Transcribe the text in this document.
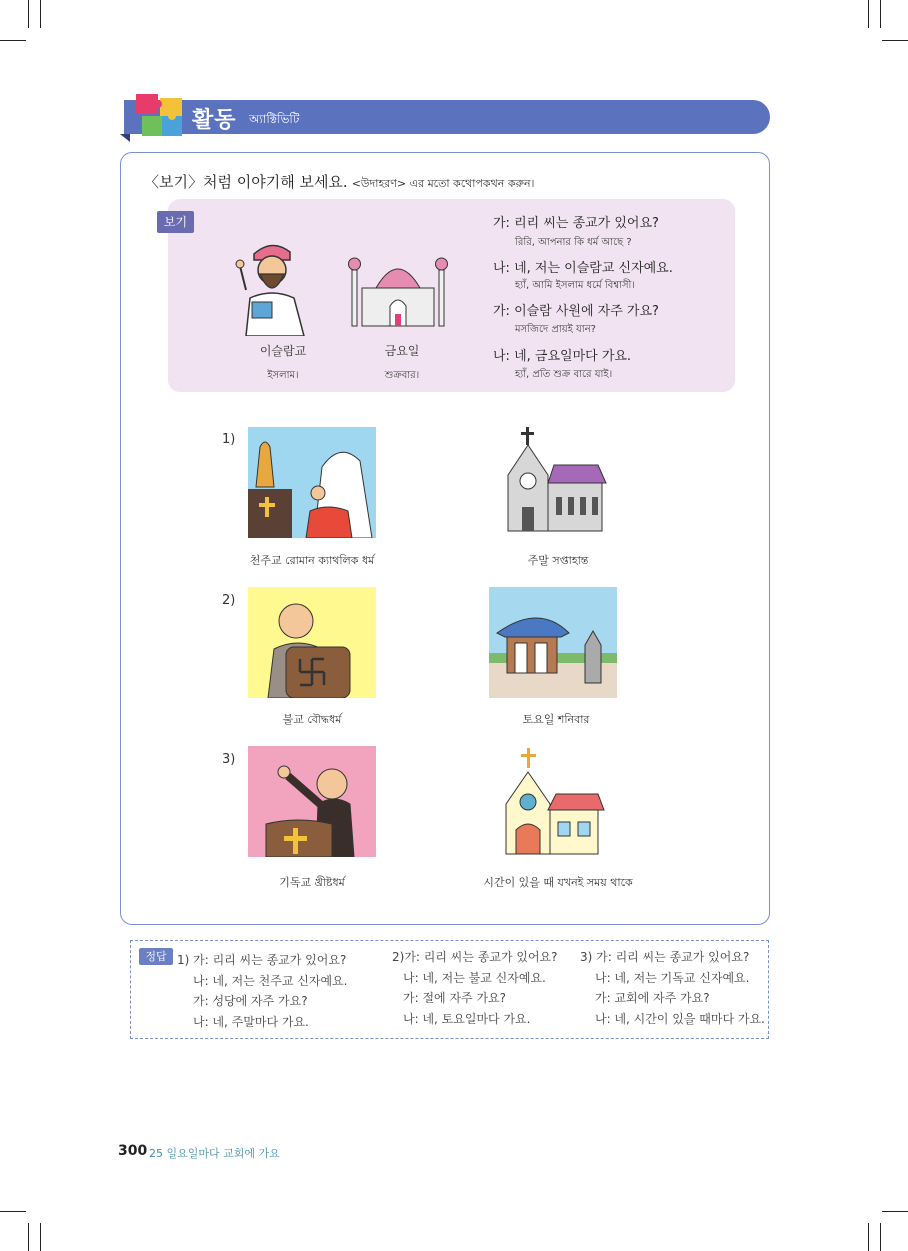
활동 অ্যাক্টিভিটি
〈보기〉처럼 이야기해 보세요. <উদাহরণ> এর মতো কথোপকথন করুন।
보기
이슬람교
ইসলাম।
금요일
শুক্রবার।
가: 리리 씨는 종교가 있어요?
রিরি, আপনার কি ধর্ম আছে ?
나: 네, 저는 이슬람교 신자예요.
হ্যাঁ, আমি ইসলাম ধর্মে বিশ্বাসী।
가: 이슬람 사원에 자주 가요?
মসজিদে প্রায়ই যান?
나: 네, 금요일마다 가요.
হ্যাঁ, প্রতি শুক্র বারে যাই।
1)
천주교 রোমান ক্যাথলিক ধর্ম	주말 সপ্তাহান্ত
2)
불교 বৌদ্ধধর্ম	토요일 শনিবার
3)
기독교 খ্রীষ্টধর্ম	시간이 있을 때 যখনই সময় থাকে
정답 1) 가: 리리 씨는 종교가 있어요?
나: 네, 저는 천주교 신자예요.
가: 성당에 자주 가요?
나: 네, 주말마다 가요.
2)가: 리리 씨는 종교가 있어요?
나: 네, 저는 불교 신자예요.
가: 절에 자주 가요?
나: 네, 토요일마다 가요.
3) 가: 리리 씨는 종교가 있어요?
나: 네, 저는 기독교 신자예요.
가: 교회에 자주 가요?
나: 네, 시간이 있을 때마다 가요.
300 25 일요일마다 교회에 가요
